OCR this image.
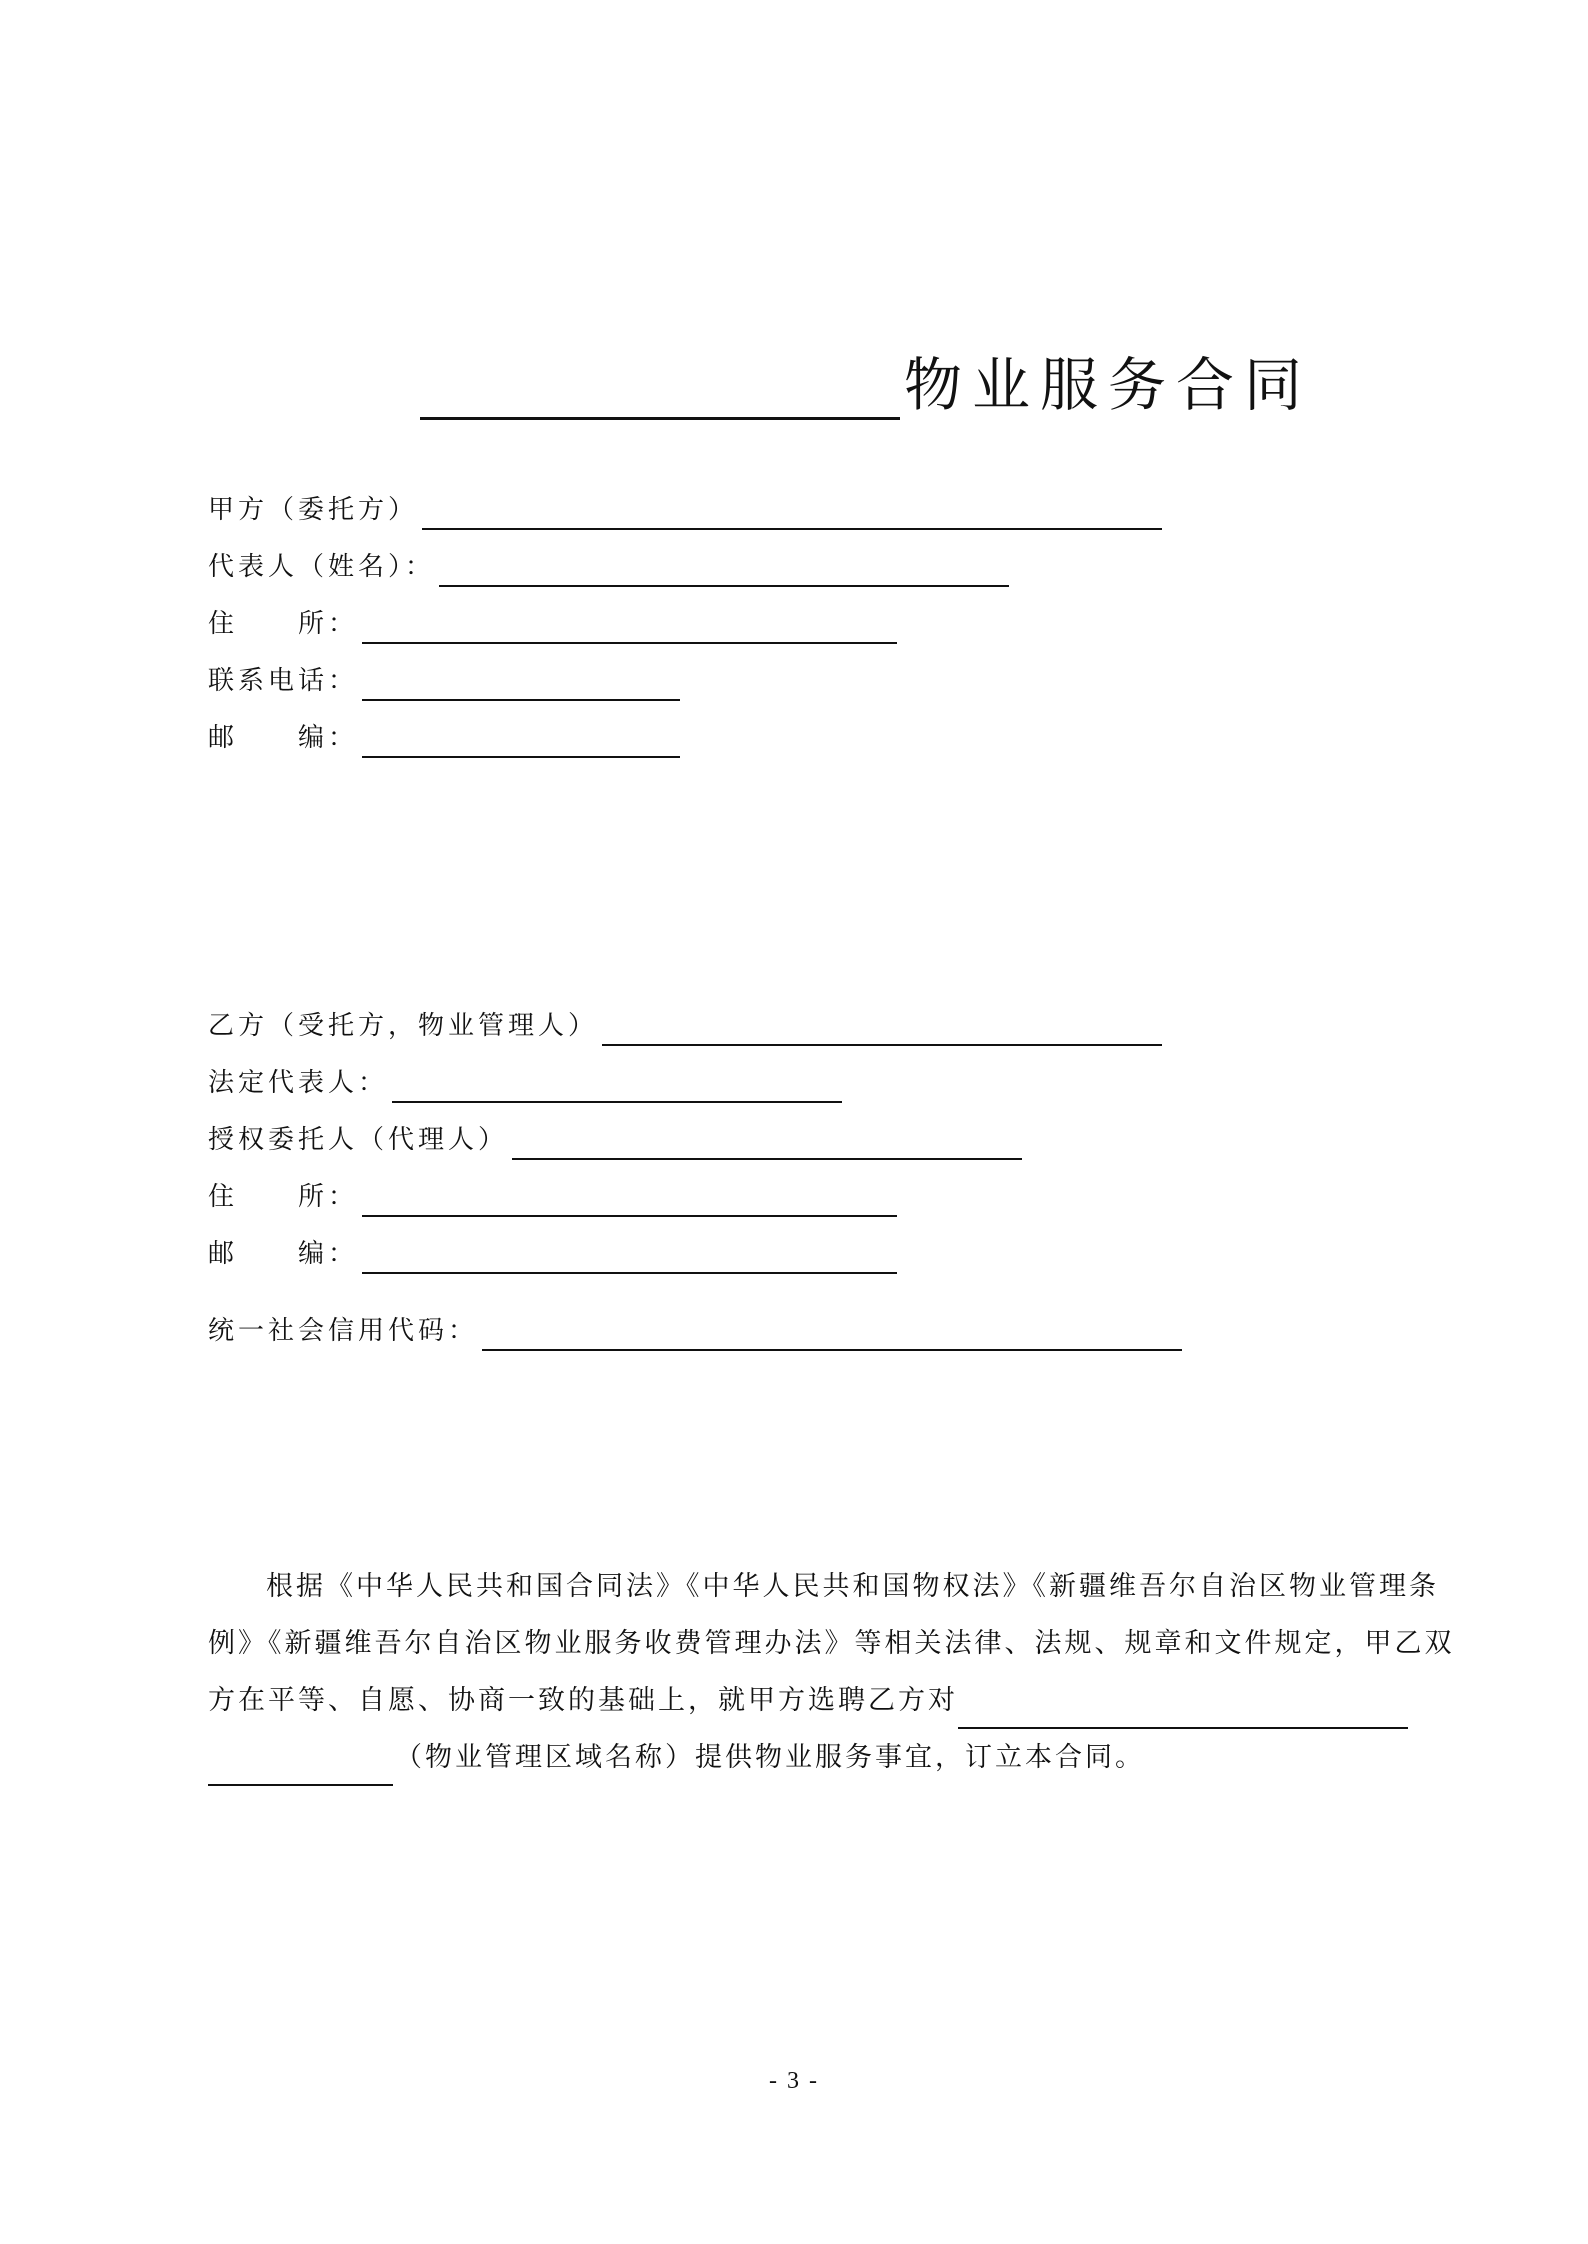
物业服务合同
甲方（委托方）
代表人（姓名）：
住　　所：
联系电话：
邮　　编：
乙方（受托方，物业管理人）
法定代表人：
授权委托人（代理人）
住　　所：
邮　　编：
统一社会信用代码：
根据《中华人民共和国合同法》《中华人民共和国物权法》《新疆维吾尔自治区物业管理条
例》《新疆维吾尔自治区物业服务收费管理办法》等相关法律、法规、规章和文件规定，甲乙双
方在平等、自愿、协商一致的基础上，就甲方选聘乙方对
（物业管理区域名称）提供物业服务事宜，订立本合同。
- 3 -
